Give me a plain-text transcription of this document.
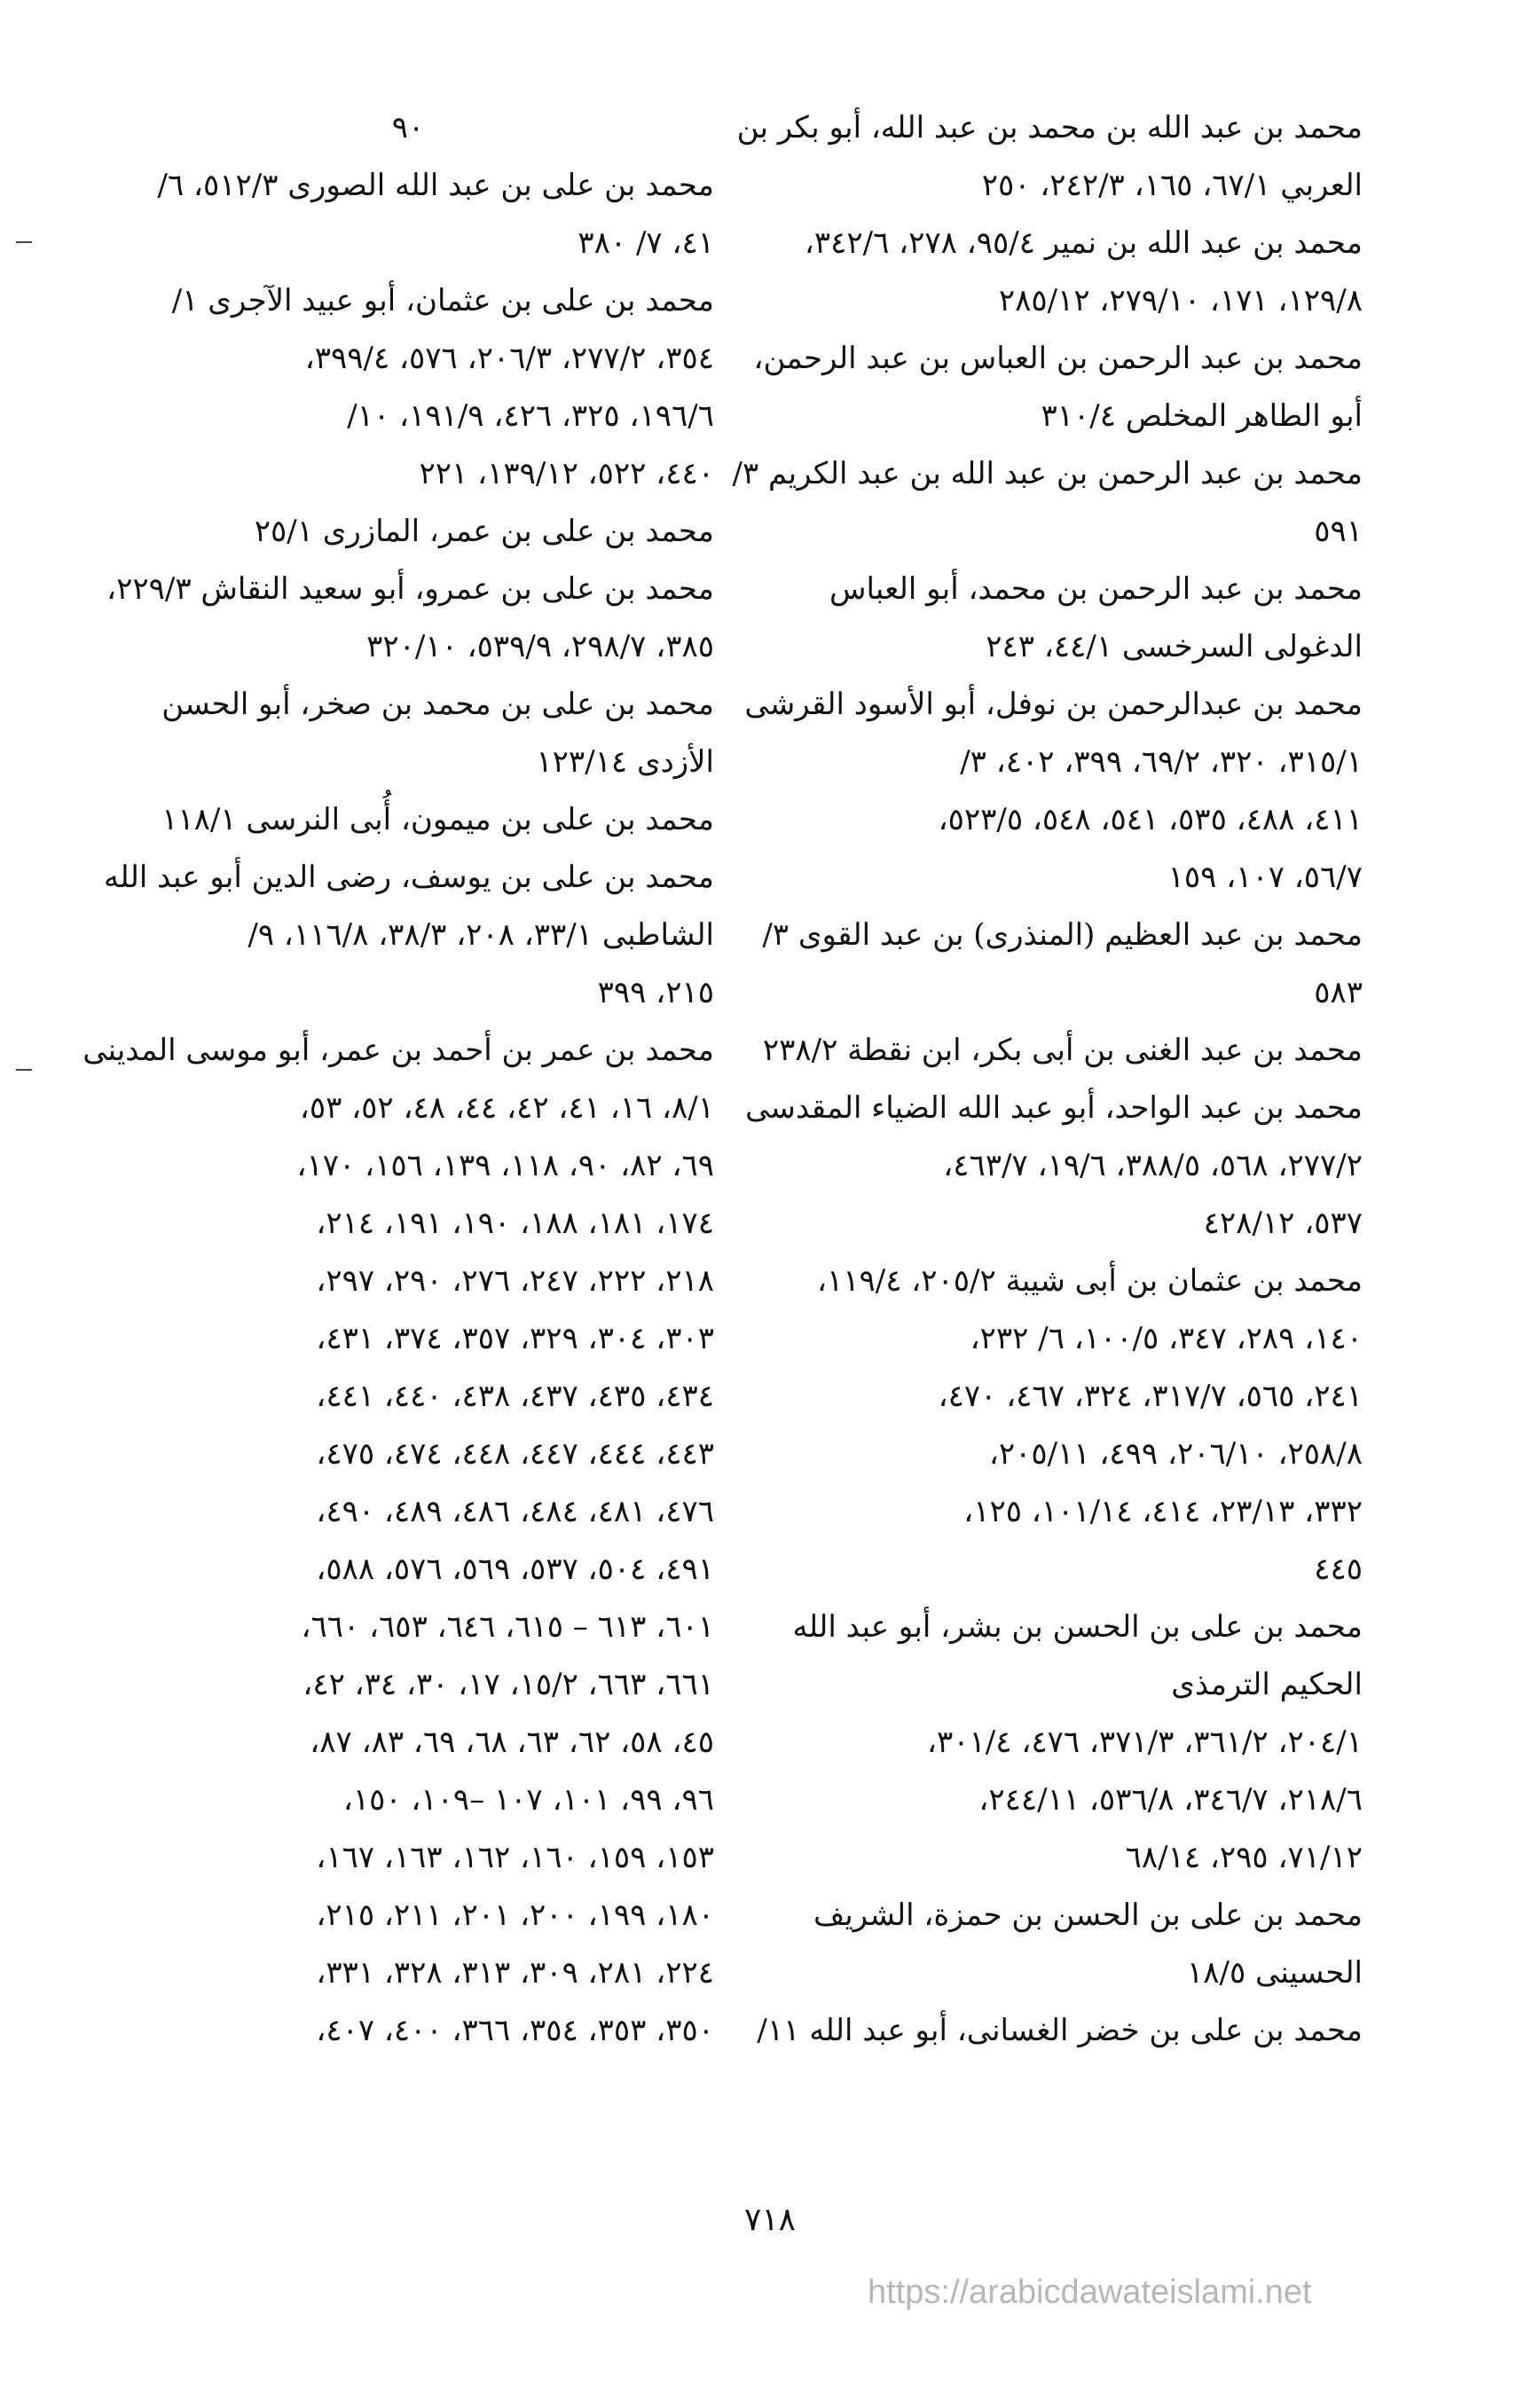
محمد بن عبد الله بن محمد بن عبد الله، أبو بكر بن
العربي ٦٧/١، ١٦٥، ٢٤٢/٣، ٢٥٠
محمد بن عبد الله بن نمير ٩٥/٤، ٢٧٨، ٣٤٢/٦،
١٢٩/٨، ١٧١، ٢٧٩/١٠، ٢٨٥/١٢
محمد بن عبد الرحمن بن العباس بن عبد الرحمن،
أبو الطاهر المخلص ٣١٠/٤
محمد بن عبد الرحمن بن عبد الله بن عبد الكريم ٣/
٥٩١
محمد بن عبد الرحمن بن محمد، أبو العباس
الدغولى السرخسى ٤٤/١، ٢٤٣
محمد بن عبدالرحمن بن نوفل، أبو الأسود القرشى
٣١٥/١، ٣٢٠، ٦٩/٢، ٣٩٩، ٤٠٢، ٣/
٤١١، ٤٨٨، ٥٣٥، ٥٤١، ٥٤٨، ٥٢٣/٥،
٥٦/٧، ١٠٧، ١٥٩
محمد بن عبد العظيم (المنذرى) بن عبد القوى ٣/
٥٨٣
محمد بن عبد الغنى بن أبى بكر، ابن نقطة ٢٣٨/٢
محمد بن عبد الواحد، أبو عبد الله الضياء المقدسى
٢٧٧/٢، ٥٦٨، ٣٨٨/٥، ١٩/٦، ٤٦٣/٧،
٥٣٧، ٤٢٨/١٢
محمد بن عثمان بن أبى شيبة ٢٠٥/٢، ١١٩/٤،
١٤٠، ٢٨٩، ٣٤٧، ١٠٠/٥، ٦/ ٢٣٢،
٢٤١، ٥٦٥، ٣١٧/٧، ٣٢٤، ٤٦٧، ٤٧٠،
٢٥٨/٨، ٢٠٦/١٠، ٤٩٩، ٢٠٥/١١،
٣٣٢، ٢٣/١٣، ٤١٤، ١٠١/١٤، ١٢٥،
٤٤٥
محمد بن على بن الحسن بن بشر، أبو عبد الله
الحكيم الترمذى
٢٠٤/١، ٣٦١/٢، ٣٧١/٣، ٤٧٦، ٣٠١/٤،
٢١٨/٦، ٣٤٦/٧، ٥٣٦/٨، ٢٤٤/١١،
٧١/١٢، ٢٩٥، ٦٨/١٤
محمد بن على بن الحسن بن حمزة، الشريف
الحسينى ١٨/٥
محمد بن على بن خضر الغسانى، أبو عبد الله ١١/
٩٠
محمد بن على بن عبد الله الصورى ٥١٢/٣، ٦/
٤١، ٧/ ٣٨٠
محمد بن على بن عثمان، أبو عبيد الآجرى ١/
٣٥٤، ٢٧٧/٢، ٢٠٦/٣، ٥٧٦، ٣٩٩/٤،
١٩٦/٦، ٣٢٥، ٤٢٦، ١٩١/٩، ١٠/
٤٤٠، ٥٢٢، ١٣٩/١٢، ٢٢١
محمد بن على بن عمر، المازرى ٢٥/١
محمد بن على بن عمرو، أبو سعيد النقاش ٢٢٩/٣،
٣٨٥، ٢٩٨/٧، ٥٣٩/٩، ٣٢٠/١٠
محمد بن على بن محمد بن صخر، أبو الحسن
الأزدى ١٢٣/١٤
محمد بن على بن ميمون، أُبى النرسى ١١٨/١
محمد بن على بن يوسف، رضى الدين أبو عبد الله
الشاطبى ٣٣/١، ٢٠٨، ٣٨/٣، ١١٦/٨، ٩/
٢١٥، ٣٩٩
محمد بن عمر بن أحمد بن عمر، أبو موسى المدينى
٨/١، ١٦، ٤١، ٤٢، ٤٤، ٤٨، ٥٢، ٥٣،
٦٩، ٨٢، ٩٠، ١١٨، ١٣٩، ١٥٦، ١٧٠،
١٧٤، ١٨١، ١٨٨، ١٩٠، ١٩١، ٢١٤،
٢١٨، ٢٢٢، ٢٤٧، ٢٧٦، ٢٩٠، ٢٩٧،
٣٠٣، ٣٠٤، ٣٢٩، ٣٥٧، ٣٧٤، ٤٣١،
٤٣٤، ٤٣٥، ٤٣٧، ٤٣٨، ٤٤٠، ٤٤١،
٤٤٣، ٤٤٤، ٤٤٧، ٤٤٨، ٤٧٤، ٤٧٥،
٤٧٦، ٤٨١، ٤٨٤، ٤٨٦، ٤٨٩، ٤٩٠،
٤٩١، ٥٠٤، ٥٣٧، ٥٦٩، ٥٧٦، ٥٨٨،
٦٠١، ٦١٣ – ٦١٥، ٦٤٦، ٦٥٣، ٦٦٠،
٦٦١، ٦٦٣، ١٥/٢، ١٧، ٣٠، ٣٤، ٤٢،
٤٥، ٥٨، ٦٢، ٦٣، ٦٨، ٦٩، ٨٣، ٨٧،
٩٦، ٩٩، ١٠١، ١٠٧ –١٠٩، ١٥٠،
١٥٣، ١٥٩، ١٦٠، ١٦٢، ١٦٣، ١٦٧،
١٨٠، ١٩٩، ٢٠٠، ٢٠١، ٢١١، ٢١٥،
٢٢٤، ٢٨١، ٣٠٩، ٣١٣، ٣٢٨، ٣٣١،
٣٥٠، ٣٥٣، ٣٥٤، ٣٦٦، ٤٠٠، ٤٠٧،
٧١٨
https://arabicdawateislami.net
